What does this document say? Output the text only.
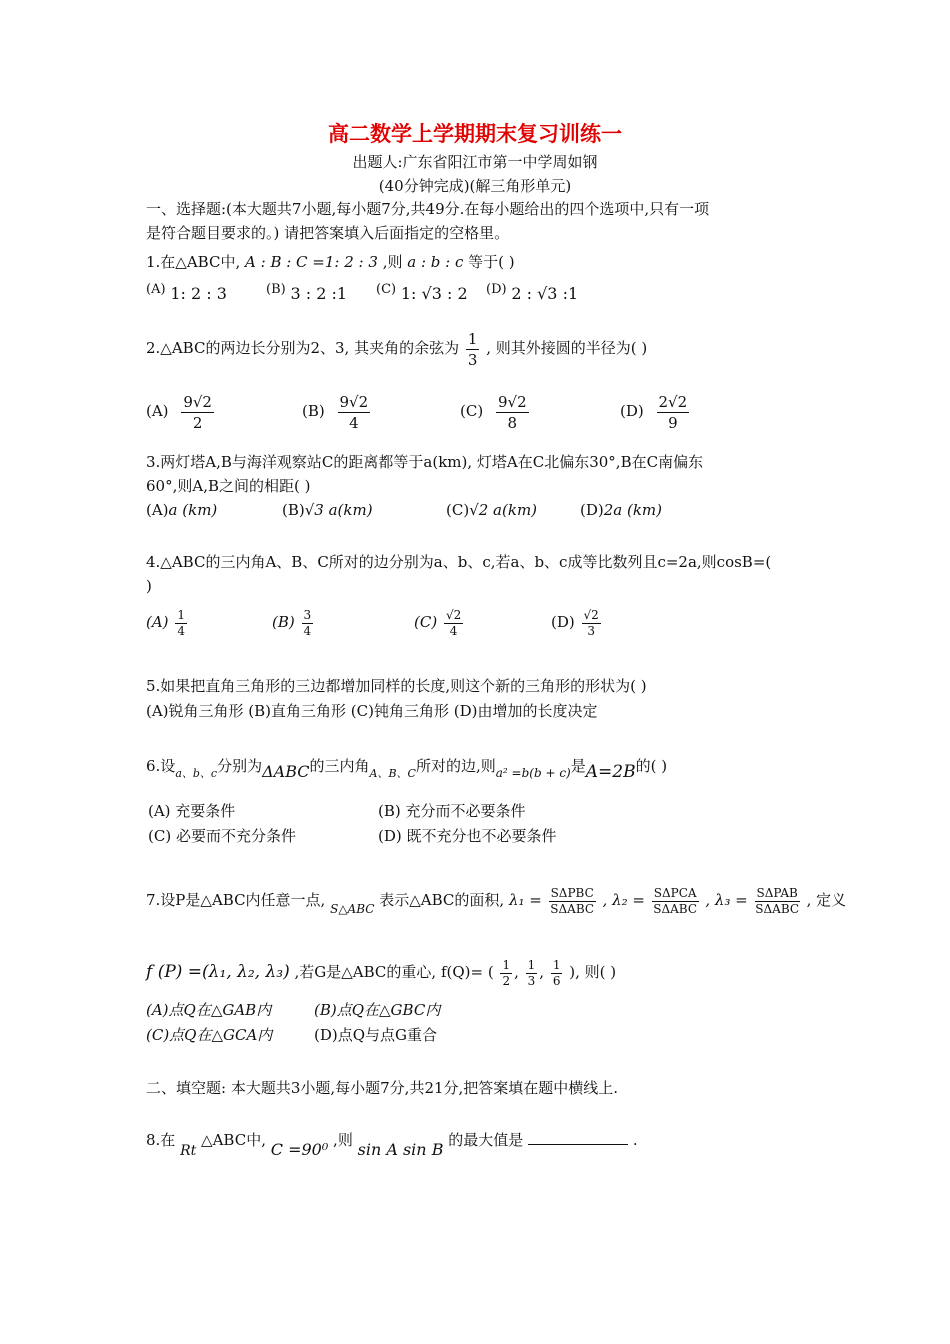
高二数学上学期期末复习训练一
出题人:广东省阳江市第一中学周如钢
(40分钟完成)(解三角形单元)
一、选择题:(本大题共7小题,每小题7分,共49分.在每小题给出的四个选项中,只有一项
是符合题目要求的。) 请把答案填入后面指定的空格里。
1.在△ABC中, A : B : C =1: 2 : 3 ,则 a : b : c 等于( )
(A) 1: 2 : 3	(B) 3 : 2 :1 (C) 1: √3 : 2 (D) 2 : √3 :1
2.△ABC的两边长分别为2、3, 其夹角的余弦为 $\frac{1}{3}$ , 则其外接圆的半径为( )
$(A) \frac{9√2}{2}$	$(B) \frac{9√2}{4}$	$(C) \frac{9√2}{8}$	$(D) \frac{2√2}{9}$
3.两灯塔A,B与海洋观察站C的距离都等于a(km), 灯塔A在C北偏东30°,B在C南偏东
60°,则A,B之间的相距( )
(A)a (km)	(B)√3 a(km)	(C)√2 a(km)	(D)2a (km)
4.△ABC的三内角A、B、C所对的边分别为a、b、c,若a、b、c成等比数列且c=2a,则cosB=(
)
$(A) \frac{1}{4}$	$(B) \frac{3}{4}$	$(C) \frac{√2}{4}$	$(D) \frac{√2}{3}$
5.如果把直角三角形的三边都增加同样的长度,则这个新的三角形的形状为( )
(A)锐角三角形 (B)直角三角形 (C)钝角三角形 (D)由增加的长度决定
6.设$_{a、b、c}$分别为ΔABC的三内角$_{A、B、C}$所对的边,则$_{a^2 =b(b + c)}$是A=2B的( )
(A) 充要条件	(B) 充分而不必要条件
(C) 必要而不充分条件	(D) 既不充分也不必要条件
7.设P是△ABC内任意一点, $_{S\triangle ABC}$ 表示△ABC的面积, $\lambda_1 = \frac{\text{SΔPBC}}{\text{SΔABC}}$ , $\lambda_2 = \frac{\text{SΔPCA}}{\text{SΔABC}}$ , $\lambda_3 = \frac{\text{SΔPAB}}{\text{SΔABC}}$ , 定义
f (P) =(λ₁, λ₂, λ₃) ,若G是△ABC的重心, f(Q)= ( $\frac{1}{2}$ , $\frac{1}{3}$ , $\frac{1}{6}$ ), 则( )
(A)点Q在△GAB内	(B)点Q在△GBC内
(C)点Q在△GCA内	(D)点Q与点G重合
二、填空题: 本大题共3小题,每小题7分,共21分,把答案填在题中横线上.
8.在 Rt △ABC中, C =90⁰ ,则 sin A sin B 的最大值是	.
